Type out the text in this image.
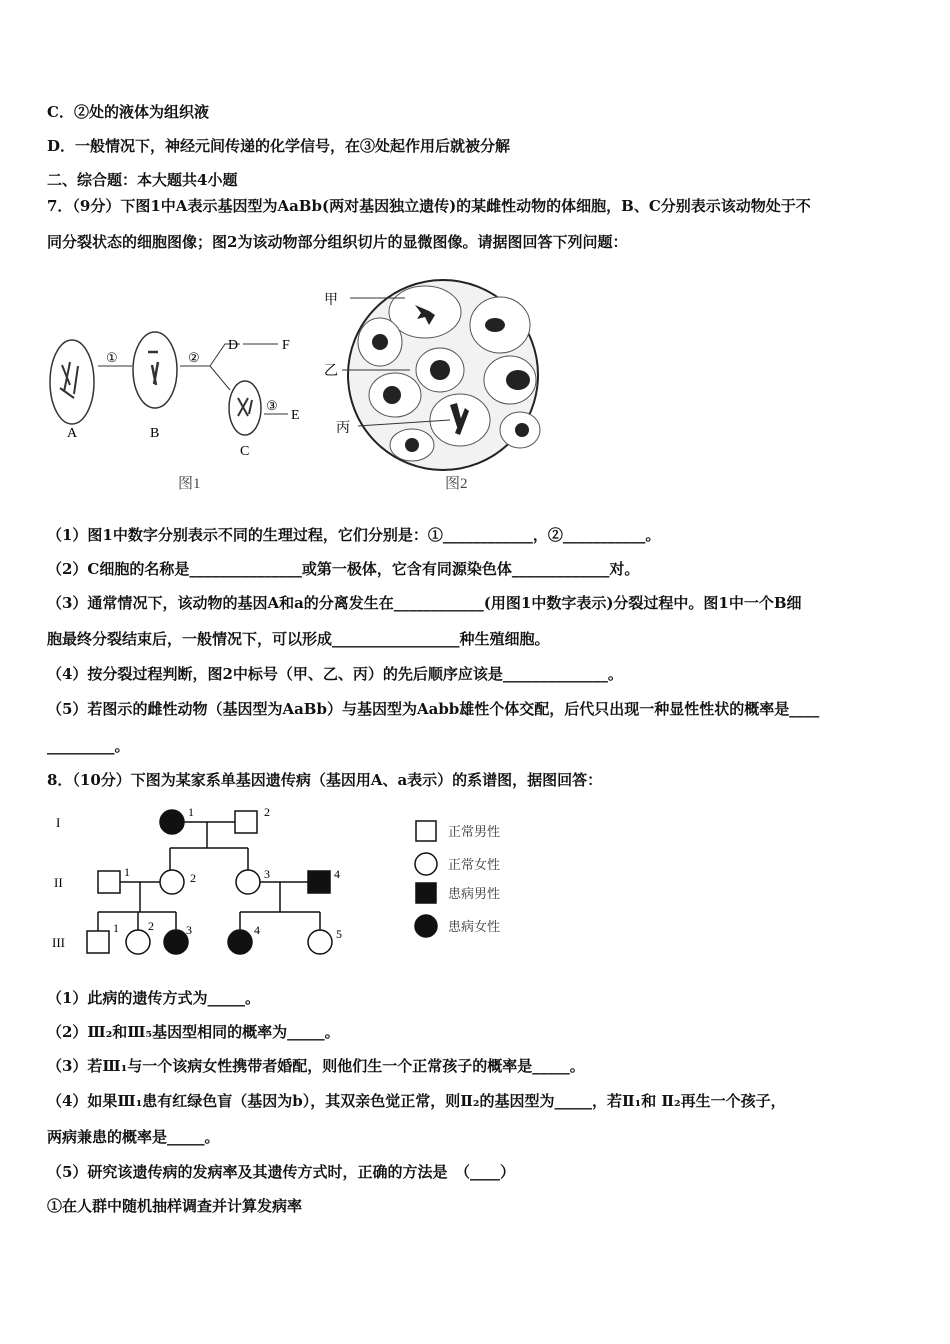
C．②处的液体为组织液
D．一般情况下，神经元间传递的化学信号，在③处起作用后就被分解
二、综合题：本大题共4小题
7．（9分）下图1中A表示基因型为AaBb(两对基因独立遗传)的某雌性动物的体细胞，B、C分别表示该动物处于不
同分裂状态的细胞图像；图2为该动物部分组织切片的显微图像。请据图回答下列问题：
A
①
B
②
D	F
C
③
E
图1
甲
乙
丙
图2
（1）图1中数字分别表示不同的生理过程，它们分别是：①____________，②___________。
（2）C细胞的名称是_______________或第一极体，它含有同源染色体_____________对。
（3）通常情况下，该动物的基因A和a的分离发生在____________(用图1中数字表示)分裂过程中。图1中一个B细
胞最终分裂结束后，一般情况下，可以形成_________________种生殖细胞。
（4）按分裂过程判断，图2中标号（甲、乙、丙）的先后顺序应该是______________。
（5）若图示的雌性动物（基因型为AaBb）与基因型为Aabb雄性个体交配，后代只出现一种显性性状的概率是____
_________。
8．（10分）下图为某家系单基因遗传病（基因用A、a表示）的系谱图，据图回答：
I
II
III
1	2
1	2	3	4
1 2	3	4	5
正常男性
正常女性
患病男性
患病女性
（1）此病的遗传方式为_____。
（2）Ⅲ₂和Ⅲ₅基因型相同的概率为_____。
（3）若Ⅲ₁与一个该病女性携带者婚配，则他们生一个正常孩子的概率是_____。
（4）如果Ⅲ₁患有红绿色盲（基因为b），其双亲色觉正常，则Ⅱ₂的基因型为_____，若Ⅱ₁和 Ⅱ₂再生一个孩子，
两病兼患的概率是_____。
（5）研究该遗传病的发病率及其遗传方式时，正确的方法是　（____）
①在人群中随机抽样调查并计算发病率
